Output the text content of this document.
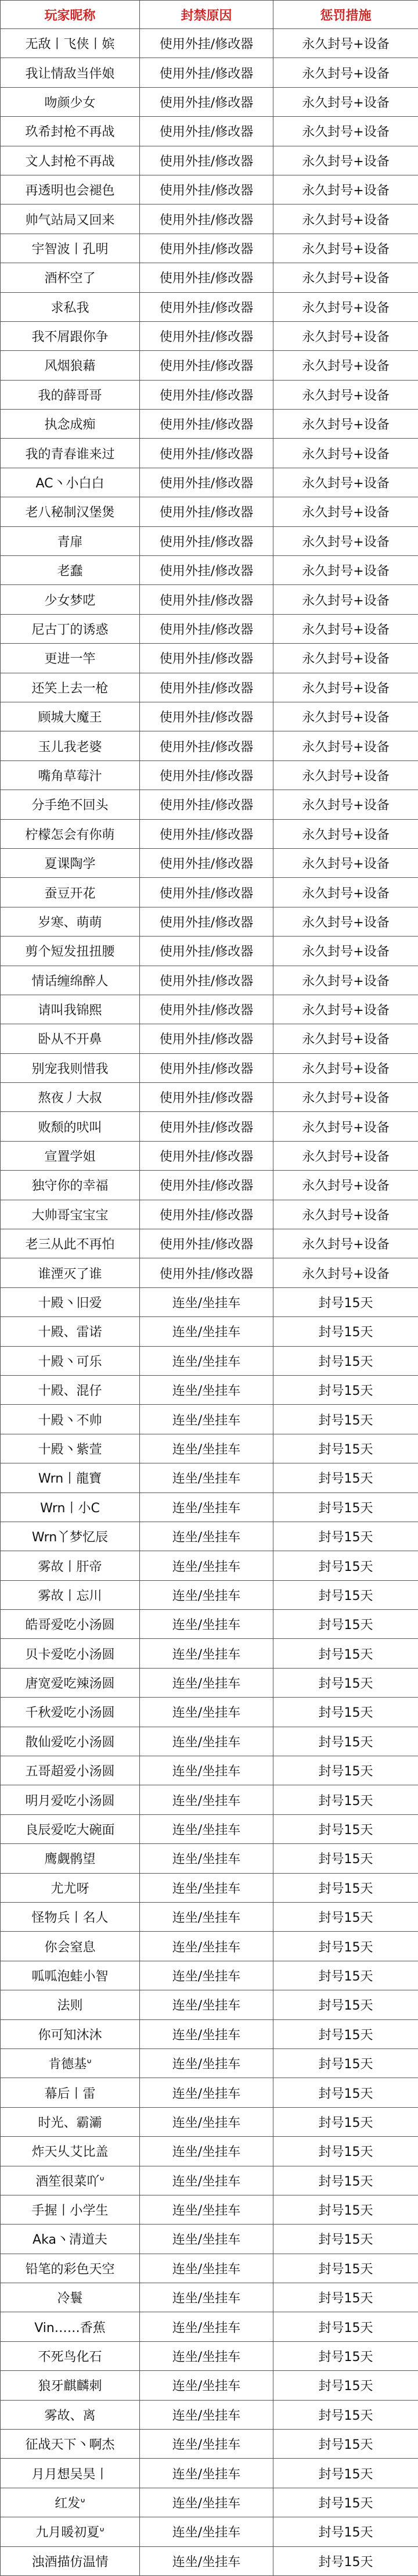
玩家昵称	封禁原因	惩罚措施
无敌丨飞侠丨嫔	使用外挂/修改器	永久封号+设备
我让情敌当伴娘	使用外挂/修改器	永久封号+设备
吻颜少女	使用外挂/修改器	永久封号+设备
玖希封枪不再战	使用外挂/修改器	永久封号+设备
文人封枪不再战	使用外挂/修改器	永久封号+设备
再透明也会褪色	使用外挂/修改器	永久封号+设备
帅气站局又回来	使用外挂/修改器	永久封号+设备
宇智波丨孔明	使用外挂/修改器	永久封号+设备
酒杯空了	使用外挂/修改器	永久封号+设备
求私我	使用外挂/修改器	永久封号+设备
我不屑跟你争	使用外挂/修改器	永久封号+设备
风烟狼藉	使用外挂/修改器	永久封号+设备
我的薛哥哥	使用外挂/修改器	永久封号+设备
执念成痴	使用外挂/修改器	永久封号+设备
我的青春谁来过	使用外挂/修改器	永久封号+设备
AC丶小白白	使用外挂/修改器	永久封号+设备
老八秘制汉堡煲	使用外挂/修改器	永久封号+设备
青扉	使用外挂/修改器	永久封号+设备
老蠢	使用外挂/修改器	永久封号+设备
少女梦呓	使用外挂/修改器	永久封号+设备
尼古丁的诱惑	使用外挂/修改器	永久封号+设备
更进一竿	使用外挂/修改器	永久封号+设备
还笑上去一枪	使用外挂/修改器	永久封号+设备
顾城大魔王	使用外挂/修改器	永久封号+设备
玉儿我老婆	使用外挂/修改器	永久封号+设备
嘴角草莓汁	使用外挂/修改器	永久封号+设备
分手绝不回头	使用外挂/修改器	永久封号+设备
柠檬怎会有你萌	使用外挂/修改器	永久封号+设备
夏课陶学	使用外挂/修改器	永久封号+设备
蚕豆开花	使用外挂/修改器	永久封号+设备
岁寒、萌萌	使用外挂/修改器	永久封号+设备
剪个短发扭扭腰	使用外挂/修改器	永久封号+设备
情话缠绵醉人	使用外挂/修改器	永久封号+设备
请叫我锦熙	使用外挂/修改器	永久封号+设备
卧从不开鼻	使用外挂/修改器	永久封号+设备
别宠我则惜我	使用外挂/修改器	永久封号+设备
熬夜丿大叔	使用外挂/修改器	永久封号+设备
败颓的吠叫	使用外挂/修改器	永久封号+设备
宣置学姐	使用外挂/修改器	永久封号+设备
独守你的幸福	使用外挂/修改器	永久封号+设备
大帅哥宝宝宝	使用外挂/修改器	永久封号+设备
老三从此不再怕	使用外挂/修改器	永久封号+设备
谁湮灭了谁	使用外挂/修改器	永久封号+设备
十殿丶旧爱	连坐/坐挂车	封号15天
十殿、雷诺	连坐/坐挂车	封号15天
十殿丶可乐	连坐/坐挂车	封号15天
十殿、混仔	连坐/坐挂车	封号15天
十殿丶不帅	连坐/坐挂车	封号15天
十殿丶紫萱	连坐/坐挂车	封号15天
Wrn丨龍寶	连坐/坐挂车	封号15天
Wrn丨小C	连坐/坐挂车	封号15天
Wrn丫梦忆辰	连坐/坐挂车	封号15天
雾故丨肝帝	连坐/坐挂车	封号15天
雾故丨忘川	连坐/坐挂车	封号15天
皓哥爱吃小汤圆	连坐/坐挂车	封号15天
贝卡爱吃小汤圆	连坐/坐挂车	封号15天
唐宽爱吃辣汤圆	连坐/坐挂车	封号15天
千秋爱吃小汤圆	连坐/坐挂车	封号15天
散仙爱吃小汤圆	连坐/坐挂车	封号15天
五哥超爱小汤圆	连坐/坐挂车	封号15天
明月爱吃小汤圆	连坐/坐挂车	封号15天
良辰爱吃大碗面	连坐/坐挂车	封号15天
鹰觑鹘望	连坐/坐挂车	封号15天
尤尤呀	连坐/坐挂车	封号15天
怪物兵丨名人	连坐/坐挂车	封号15天
你会窒息	连坐/坐挂车	封号15天
呱呱泡蛙小智	连坐/坐挂车	封号15天
法则	连坐/坐挂车	封号15天
你可知沐沐	连坐/坐挂车	封号15天
肯德基ᐡ	连坐/坐挂车	封号15天
幕后丨雷	连坐/坐挂车	封号15天
时光、霸灞	连坐/坐挂车	封号15天
炸天乆艾比盖	连坐/坐挂车	封号15天
酒笙很菜吖ᐡ	连坐/坐挂车	封号15天
手握丨小学生	连坐/坐挂车	封号15天
Aka丶清道夫	连坐/坐挂车	封号15天
铅笔的彩色天空	连坐/坐挂车	封号15天
冷鬟	连坐/坐挂车	封号15天
Vin……香蕉	连坐/坐挂车	封号15天
不死鸟化石	连坐/坐挂车	封号15天
狼牙麒麟刺	连坐/坐挂车	封号15天
雾故、离	连坐/坐挂车	封号15天
征战天下丶啊杰	连坐/坐挂车	封号15天
月月想吴昊丨	连坐/坐挂车	封号15天
红发ᐡ	连坐/坐挂车	封号15天
九月暖初夏ᐡ	连坐/坐挂车	封号15天
浊酒描仿温情	连坐/坐挂车	封号15天
